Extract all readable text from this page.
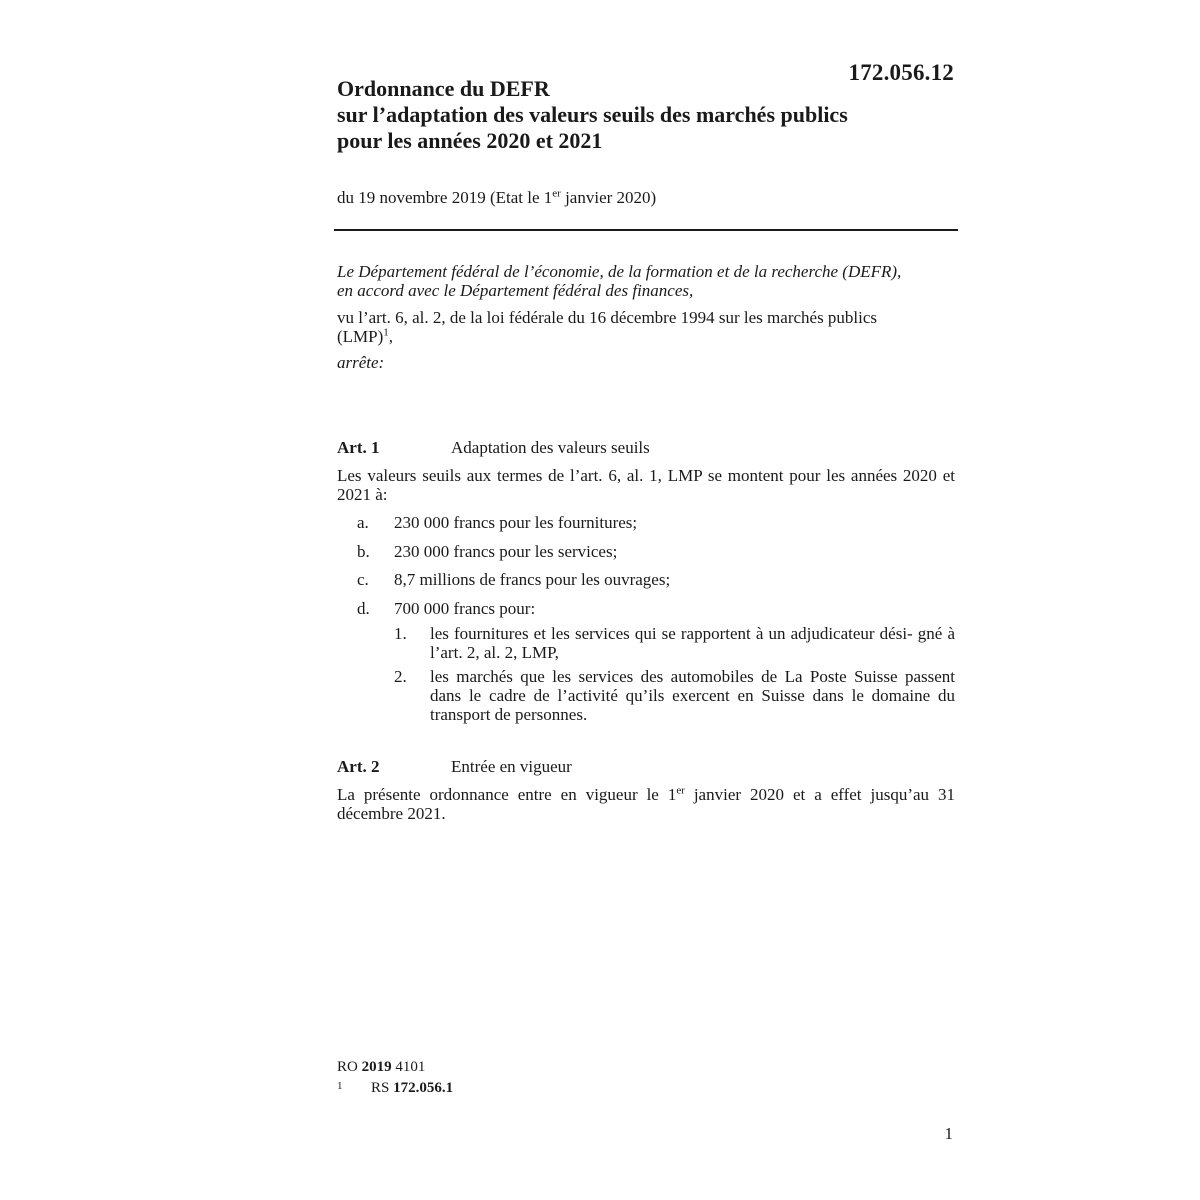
172.056.12
Ordonnance du DEFR
sur l’adaptation des valeurs seuils des marchés publics
pour les années 2020 et 2021
du 19 novembre 2019 (Etat le 1er janvier 2020)
Le Département fédéral de l’économie, de la formation et de la recherche (DEFR),
en accord avec le Département fédéral des finances,
vu l’art. 6, al. 2, de la loi fédérale du 16 décembre 1994 sur les marchés publics
(LMP)$^1$,
arrête:
Art. 1	Adaptation des valeurs seuils
Les valeurs seuils aux termes de l’art. 6, al. 1, LMP se montent pour les années 2020 et 2021 à:
a. 230 000 francs pour les fournitures;
b. 230 000 francs pour les services;
c. 8,7 millions de francs pour les ouvrages;
d. 700 000 francs pour:
1. les fournitures et les services qui se rapportent à un adjudicateur dési- gné à l’art. 2, al. 2, LMP,
2. les marchés que les services des automobiles de La Poste Suisse passent dans le cadre de l’activité qu’ils exercent en Suisse dans le domaine du transport de personnes.
Art. 2	Entrée en vigueur
La présente ordonnance entre en vigueur le 1er janvier 2020 et a effet jusqu’au 31 décembre 2021.
RO 2019 4101
1 RS 172.056.1
1
